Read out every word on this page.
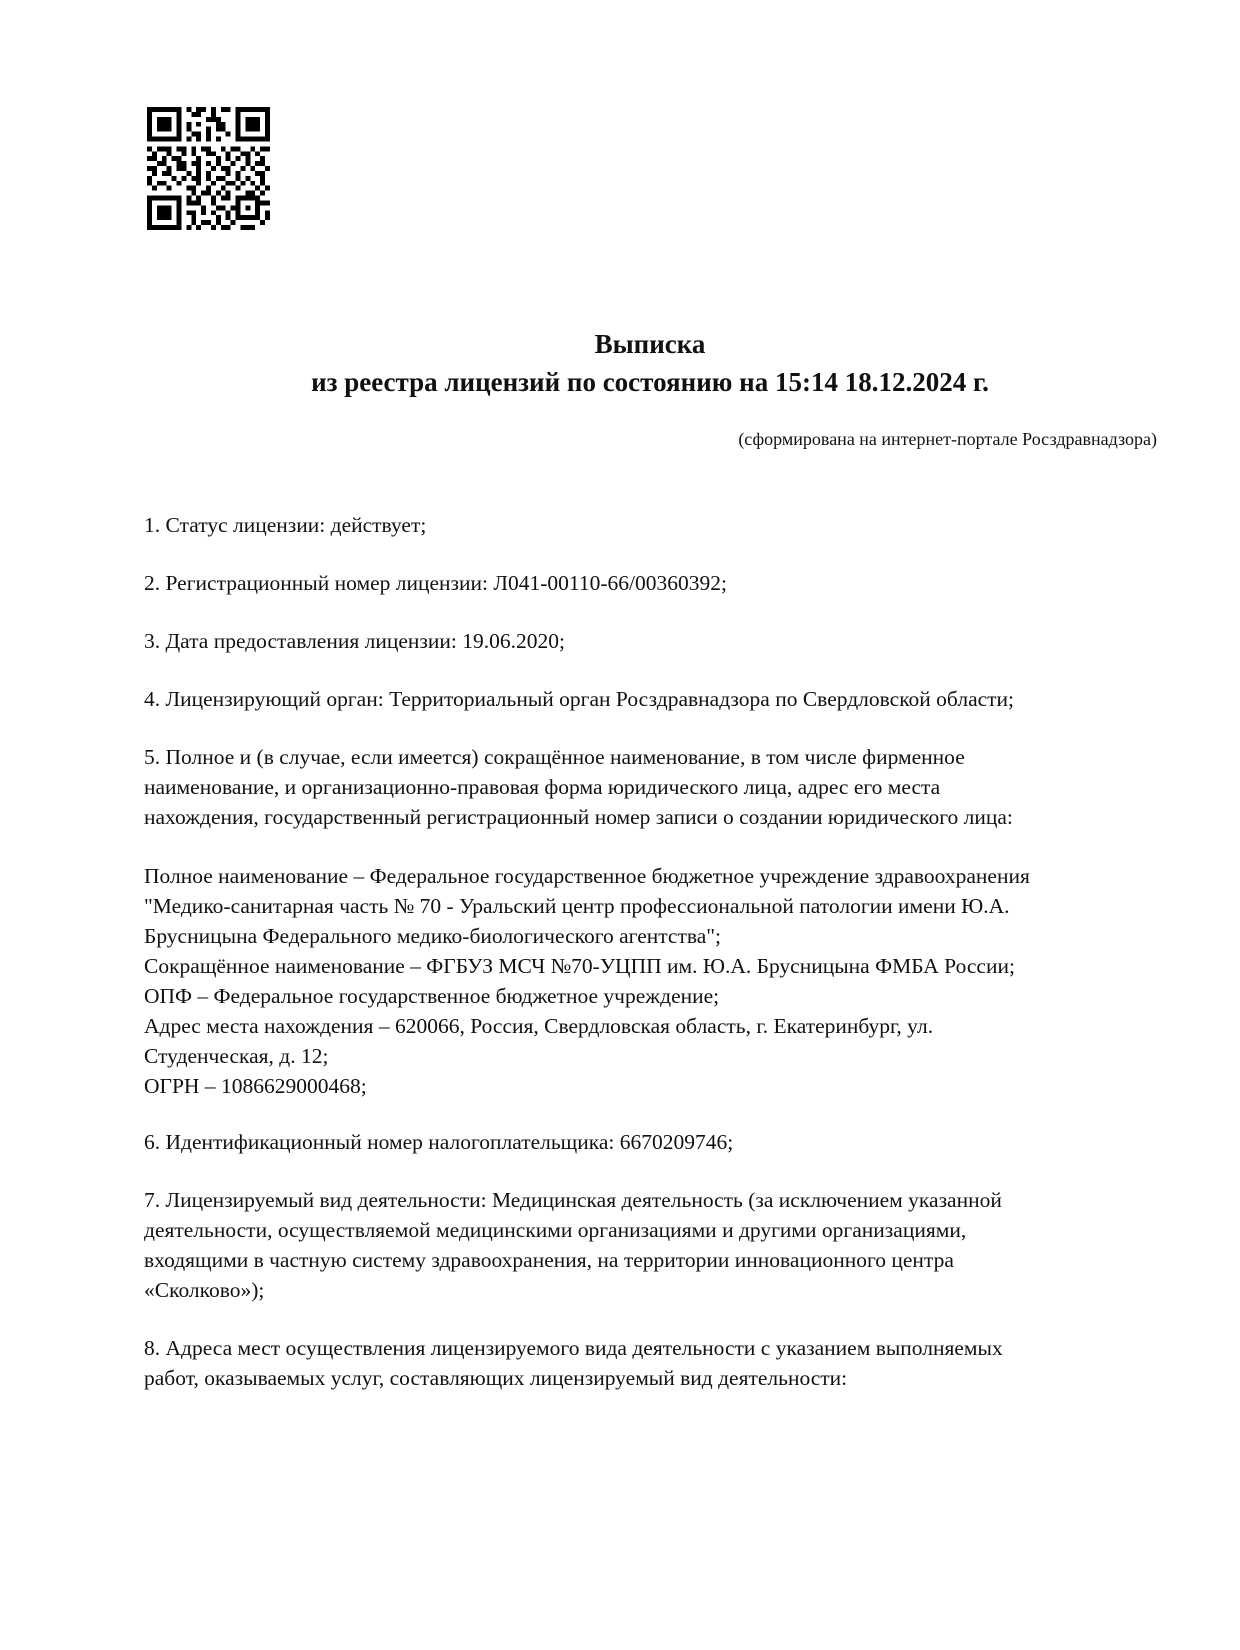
Выписка
из реестра лицензий по состоянию на 15:14 18.12.2024 г.
(сформирована на интернет-портале Росздравнадзора)

1. Статус лицензии: действует;

2. Регистрационный номер лицензии: Л041-00110-66/00360392;

3. Дата предоставления лицензии: 19.06.2020;

4. Лицензирующий орган: Территориальный орган Росздравнадзора по Свердловской области;

5. Полное и (в случае, если имеется) сокращённое наименование, в том числе фирменное
наименование, и организационно-правовая форма юридического лица, адрес его места
нахождения, государственный регистрационный номер записи о создании юридического лица:

Полное наименование – Федеральное государственное бюджетное учреждение здравоохранения
"Медико-санитарная часть № 70 - Уральский центр профессиональной патологии имени Ю.А.
Брусницына Федерального медико-биологического агентства";
Сокращённое наименование – ФГБУЗ МСЧ №70-УЦПП им. Ю.А. Брусницына ФМБА России;
ОПФ – Федеральное государственное бюджетное учреждение;
Адрес места нахождения – 620066, Россия, Свердловская область, г. Екатеринбург, ул.
Студенческая, д. 12;
ОГРН – 1086629000468;

6. Идентификационный номер налогоплательщика: 6670209746;

7. Лицензируемый вид деятельности: Медицинская деятельность (за исключением указанной
деятельности, осуществляемой медицинскими организациями и другими организациями,
входящими в частную систему здравоохранения, на территории инновационного центра
«Сколково»);

8. Адреса мест осуществления лицензируемого вида деятельности с указанием выполняемых
работ, оказываемых услуг, составляющих лицензируемый вид деятельности:
